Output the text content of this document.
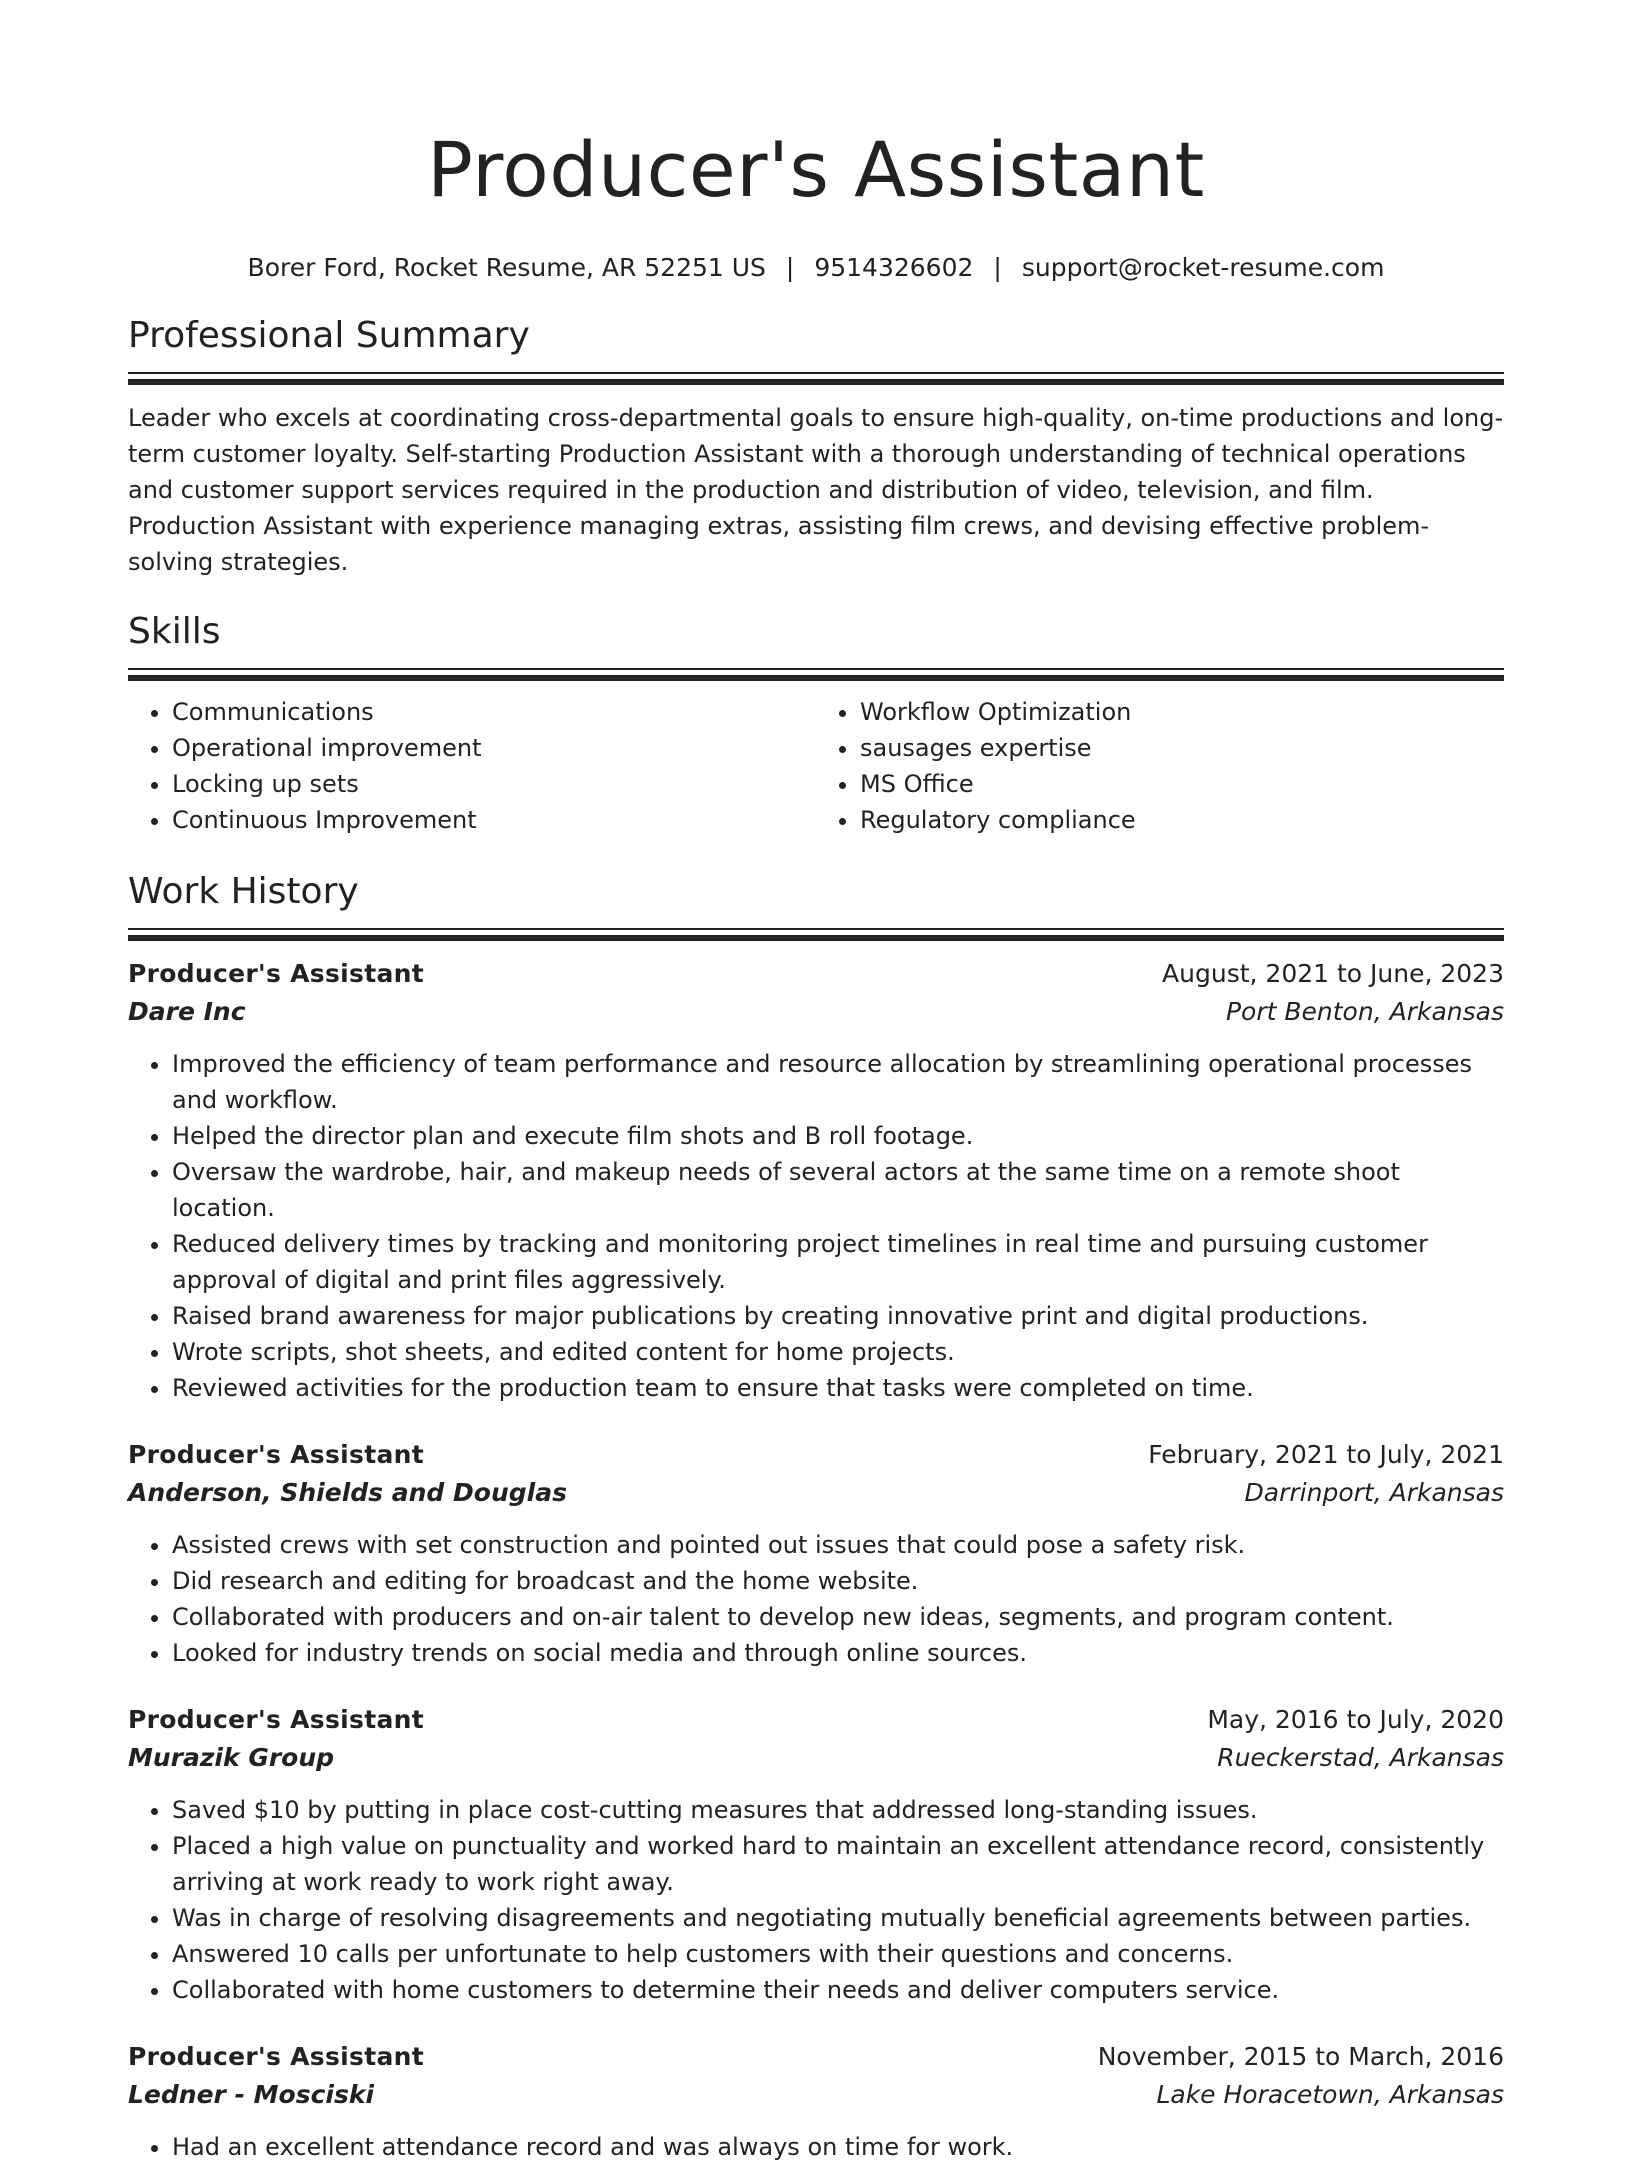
Producer's Assistant
Borer Ford, Rocket Resume, AR 52251 US | 9514326602 | support@rocket-resume.com
Professional Summary
Leader who excels at coordinating cross-departmental goals to ensure high-quality, on-time productions and long-term customer loyalty. Self-starting Production Assistant with a thorough understanding of technical operations and customer support services required in the production and distribution of video, television, and film. Production Assistant with experience managing extras, assisting film crews, and devising effective problem-solving strategies.
Skills
• Communications
• Operational improvement
• Locking up sets
• Continuous Improvement
• Workflow Optimization
• sausages expertise
• MS Office
• Regulatory compliance
Work History
Producer's Assistant	August, 2021 to June, 2023
Dare Inc	Port Benton, Arkansas
• Improved the efficiency of team performance and resource allocation by streamlining operational processes and workflow.
• Helped the director plan and execute film shots and B roll footage.
• Oversaw the wardrobe, hair, and makeup needs of several actors at the same time on a remote shoot location.
• Reduced delivery times by tracking and monitoring project timelines in real time and pursuing customer approval of digital and print files aggressively.
• Raised brand awareness for major publications by creating innovative print and digital productions.
• Wrote scripts, shot sheets, and edited content for home projects.
• Reviewed activities for the production team to ensure that tasks were completed on time.
Producer's Assistant	February, 2021 to July, 2021
Anderson, Shields and Douglas	Darrinport, Arkansas
• Assisted crews with set construction and pointed out issues that could pose a safety risk.
• Did research and editing for broadcast and the home website.
• Collaborated with producers and on-air talent to develop new ideas, segments, and program content.
• Looked for industry trends on social media and through online sources.
Producer's Assistant	May, 2016 to July, 2020
Murazik Group	Rueckerstad, Arkansas
• Saved $10 by putting in place cost-cutting measures that addressed long-standing issues.
• Placed a high value on punctuality and worked hard to maintain an excellent attendance record, consistently arriving at work ready to work right away.
• Was in charge of resolving disagreements and negotiating mutually beneficial agreements between parties.
• Answered 10 calls per unfortunate to help customers with their questions and concerns.
• Collaborated with home customers to determine their needs and deliver computers service.
Producer's Assistant	November, 2015 to March, 2016
Ledner - Mosciski	Lake Horacetown, Arkansas
• Had an excellent attendance record and was always on time for work.
